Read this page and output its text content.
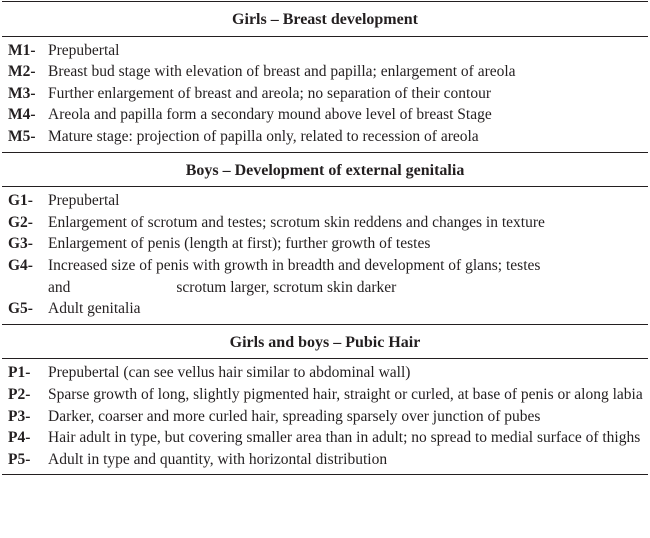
Girls – Breast development
M1- Prepubertal
M2- Breast bud stage with elevation of breast and papilla; enlargement of areola
M3- Further enlargement of breast and areola; no separation of their contour
M4- Areola and papilla form a secondary mound above level of breast Stage
M5- Mature stage: projection of papilla only, related to recession of areola
Boys – Development of external genitalia
G1- Prepubertal
G2- Enlargement of scrotum and testes; scrotum skin reddens and changes in texture
G3- Enlargement of penis (length at first); further growth of testes
G4- Increased size of penis with growth in breadth and development of glans; testes
and	scrotum larger, scrotum skin darker
G5- Adult genitalia
Girls and boys – Pubic Hair
P1-	Prepubertal (can see vellus hair similar to abdominal wall)
P2-	Sparse growth of long, slightly pigmented hair, straight or curled, at base of penis or along labia
P3-	Darker, coarser and more curled hair, spreading sparsely over junction of pubes
P4-	Hair adult in type, but covering smaller area than in adult; no spread to medial surface of thighs
P5-	Adult in type and quantity, with horizontal distribution
